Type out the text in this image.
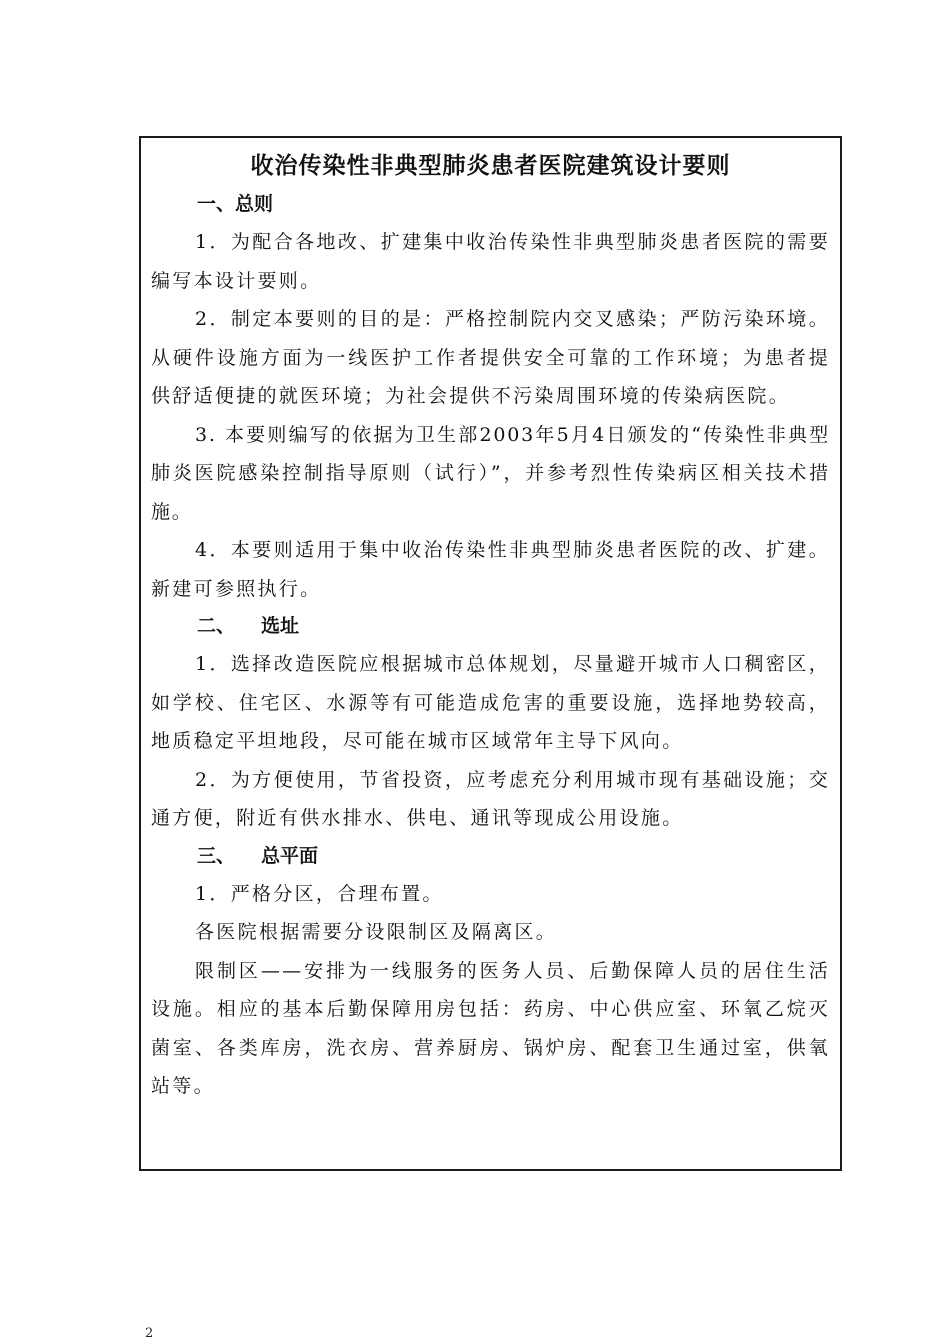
收治传染性非典型肺炎患者医院建筑设计要则
一、总则

1．为配合各地改、扩建集中收治传染性非典型肺炎患者医院的需要编写本设计要则。

2．制定本要则的目的是：严格控制院内交叉感染；严防污染环境。从硬件设施方面为一线医护工作者提供安全可靠的工作环境；为患者提供舒适便捷的就医环境；为社会提供不污染周围环境的传染病医院。

3. 本要则编写的依据为卫生部2003年5月4日颁发的“传染性非典型肺炎医院感染控制指导原则（试行）”，并参考烈性传染病区相关技术措施。

4．本要则适用于集中收治传染性非典型肺炎患者医院的改、扩建。新建可参照执行。

二、 选址

1．选择改造医院应根据城市总体规划，尽量避开城市人口稠密区，如学校、住宅区、水源等有可能造成危害的重要设施，选择地势较高，地质稳定平坦地段，尽可能在城市区域常年主导下风向。

2．为方便使用，节省投资，应考虑充分利用城市现有基础设施；交通方便，附近有供水排水、供电、通讯等现成公用设施。

三、 总平面

1．严格分区，合理布置。

各医院根据需要分设限制区及隔离区。

限制区——安排为一线服务的医务人员、后勤保障人员的居住生活设施。相应的基本后勤保障用房包括：药房、中心供应室、环氧乙烷灭菌室、各类库房，洗衣房、营养厨房、锅炉房、配套卫生通过室，供氧站等。

2
